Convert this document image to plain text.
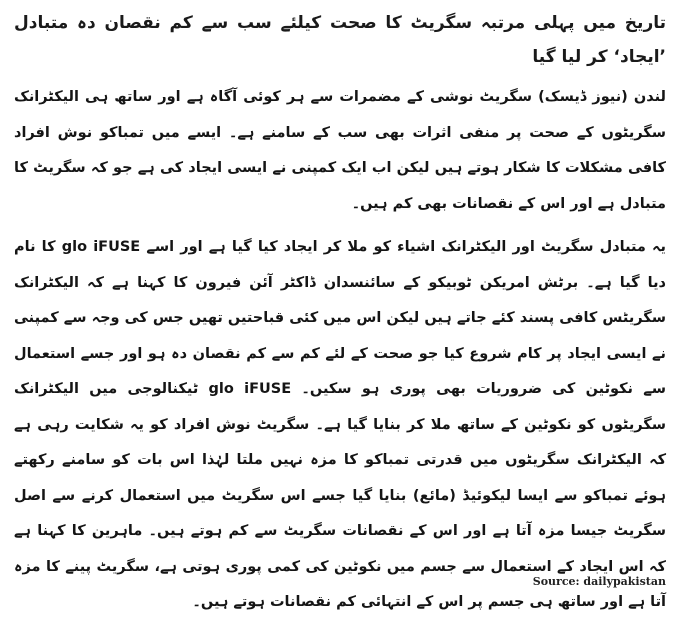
تاریخ میں پہلی مرتبہ سگریٹ کا صحت کیلئے سب سے کم نقصان دہ متبادل ’ایجاد‘ کر لیا گیا

لندن (نیوز ڈیسک) سگریٹ نوشی کے مضمرات سے ہر کوئی آگاہ ہے اور ساتھ ہی الیکٹرانک سگریٹوں کے صحت پر منفی اثرات بھی سب کے سامنے ہے۔ ایسے میں تمباکو نوش افراد کافی مشکلات کا شکار ہوتے ہیں لیکن اب ایک کمپنی نے ایسی ایجاد کی ہے جو کہ سگریٹ کا متبادل ہے اور اس کے نقصانات بھی کم ہیں۔

یہ متبادل سگریٹ اور الیکٹرانک اشیاء کو ملا کر ایجاد کیا گیا ہے اور اسے glo iFUSE کا نام دیا گیا ہے۔ برٹش امریکن ٹوبیکو کے سائنسدان ڈاکٹر آئن فیرون کا کہنا ہے کہ الیکٹرانک سگریٹس کافی پسند کئے جاتے ہیں لیکن اس میں کئی قباحتیں تھیں جس کی وجہ سے کمپنی نے ایسی ایجاد پر کام شروع کیا جو صحت کے لئے کم سے کم نقصان دہ ہو اور جسے استعمال سے نکوٹین کی ضروریات بھی پوری ہو سکیں۔ glo iFUSE ٹیکنالوجی میں الیکٹرانک سگریٹوں کو نکوٹین کے ساتھ ملا کر بنایا گیا ہے۔ سگریٹ نوش افراد کو یہ شکایت رہی ہے کہ الیکٹرانک سگریٹوں میں قدرتی تمباکو کا مزہ نہیں ملتا لہٰذا اس بات کو سامنے رکھتے ہوئے تمباکو سے ایسا لیکوئیڈ (مائع) بنایا گیا جسے اس سگریٹ میں استعمال کرنے سے اصل سگریٹ جیسا مزہ آتا ہے اور اس کے نقصانات سگریٹ سے کم ہوتے ہیں۔ ماہرین کا کہنا ہے کہ اس ایجاد کے استعمال سے جسم میں نکوٹین کی کمی پوری ہوتی ہے، سگریٹ پینے کا مزہ آتا ہے اور ساتھ ہی جسم پر اس کے انتہائی کم نقصانات ہوتے ہیں۔

Source: dailypakistan
